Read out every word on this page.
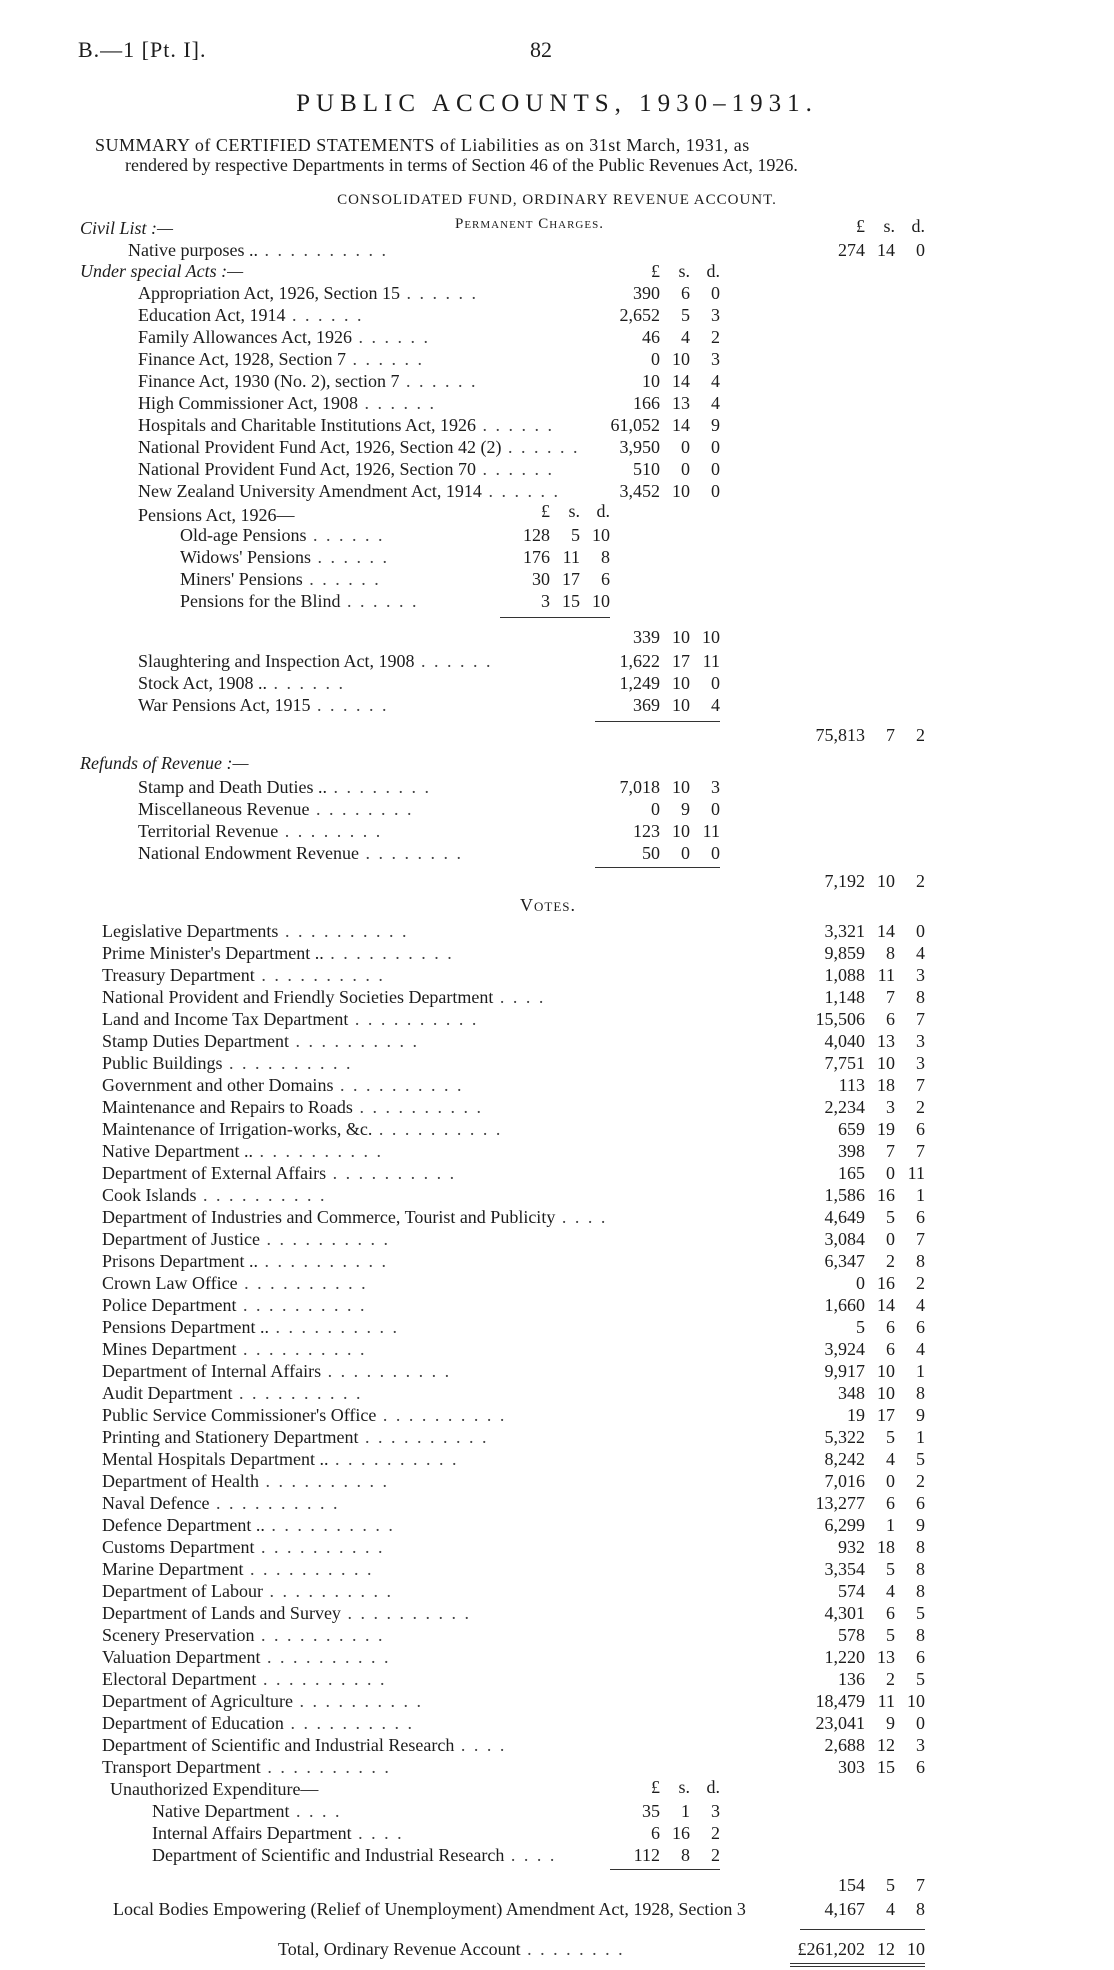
B.—1 [Pt. I].	82
PUBLIC ACCOUNTS, 1930–1931.
SUMMARY of CERTIFIED STATEMENTS of Liabilities as on 31st March, 1931, as
rendered by respective Departments in terms of Section 46 of the Public Revenues Act, 1926.
CONSOLIDATED FUND, ORDINARY REVENUE ACCOUNT.
Permanent Charges.	£ s. d.
Civil List :—
Native purposes .. . . . . . . . . . .	274 14 0
Under special Acts :—	£ s. d.
Appropriation Act, 1926, Section 15 . . . . . .	390 6 0
Education Act, 1914 . . . . . .	2,652 5 3
Family Allowances Act, 1926 . . . . . .	46 4 2
Finance Act, 1928, Section 7 . . . . . .	0 10 3
Finance Act, 1930 (No. 2), section 7 . . . . . .	10 14 4
High Commissioner Act, 1908 . . . . . .	166 13 4
Hospitals and Charitable Institutions Act, 1926 . . . . . .	61,052 14 9
National Provident Fund Act, 1926, Section 42 (2) . . . . . .	3,950 0 0
National Provident Fund Act, 1926, Section 70 . . . . . .	510 0 0
New Zealand University Amendment Act, 1914 . . . . . .	3,452 10 0
Pensions Act, 1926—	£ s. d.
Old-age Pensions . . . . . .	128 5 10
Widows' Pensions . . . . . .	176 11 8
Miners' Pensions . . . . . .	30 17 6
Pensions for the Blind . . . . . .	3 15 10
339 10 10
Slaughtering and Inspection Act, 1908 . . . . . .	1,622 17 11
Stock Act, 1908 .. . . . . . .	1,249 10 0
War Pensions Act, 1915 . . . . . .	369 10 4
75,813 7 2
Refunds of Revenue :—
Stamp and Death Duties .. . . . . . . . .	7,018 10 3
Miscellaneous Revenue . . . . . . . .	0 9 0
Territorial Revenue . . . . . . . .	123 10 11
National Endowment Revenue . . . . . . . .	50 0 0
7,192 10 2
Votes.
Legislative Departments . . . . . . . . . .	3,321 14 0
Prime Minister's Department .. . . . . . . . . . .	9,859 8 4
Treasury Department . . . . . . . . . .	1,088 11 3
National Provident and Friendly Societies Department . . . .	1,148 7 8
Land and Income Tax Department . . . . . . . . . .	15,506 6 7
Stamp Duties Department . . . . . . . . . .	4,040 13 3
Public Buildings . . . . . . . . . .	7,751 10 3
Government and other Domains . . . . . . . . . .	113 18 7
Maintenance and Repairs to Roads . . . . . . . . . .	2,234 3 2
Maintenance of Irrigation-works, &c. . . . . . . . . . .	659 19 6
Native Department .. . . . . . . . . . .	398 7 7
Department of External Affairs . . . . . . . . . .	165 0 11
Cook Islands . . . . . . . . . .	1,586 16 1
Department of Industries and Commerce, Tourist and Publicity . . . .	4,649 5 6
Department of Justice . . . . . . . . . .	3,084 0 7
Prisons Department .. . . . . . . . . . .	6,347 2 8
Crown Law Office . . . . . . . . . .	0 16 2
Police Department . . . . . . . . . .	1,660 14 4
Pensions Department .. . . . . . . . . . .	5 6 6
Mines Department . . . . . . . . . .	3,924 6 4
Department of Internal Affairs . . . . . . . . . .	9,917 10 1
Audit Department . . . . . . . . . .	348 10 8
Public Service Commissioner's Office . . . . . . . . . .	19 17 9
Printing and Stationery Department . . . . . . . . . .	5,322 5 1
Mental Hospitals Department .. . . . . . . . . . .	8,242 4 5
Department of Health . . . . . . . . . .	7,016 0 2
Naval Defence . . . . . . . . . .	13,277 6 6
Defence Department .. . . . . . . . . . .	6,299 1 9
Customs Department . . . . . . . . . .	932 18 8
Marine Department . . . . . . . . . .	3,354 5 8
Department of Labour . . . . . . . . . .	574 4 8
Department of Lands and Survey . . . . . . . . . .	4,301 6 5
Scenery Preservation . . . . . . . . . .	578 5 8
Valuation Department . . . . . . . . . .	1,220 13 6
Electoral Department . . . . . . . . . .	136 2 5
Department of Agriculture . . . . . . . . . .	18,479 11 10
Department of Education . . . . . . . . . .	23,041 9 0
Department of Scientific and Industrial Research . . . .	2,688 12 3
Transport Department . . . . . . . . . .	303 15 6
Unauthorized Expenditure—	£ s. d.
Native Department . . . .	35 1 3
Internal Affairs Department . . . .	6 16 2
Department of Scientific and Industrial Research . . . .	112 8 2
154 5 7
Local Bodies Empowering (Relief of Unemployment) Amendment Act, 1928, Section 3	4,167 4 8
Total, Ordinary Revenue Account . . . . . . . .	£261,202 12 10
